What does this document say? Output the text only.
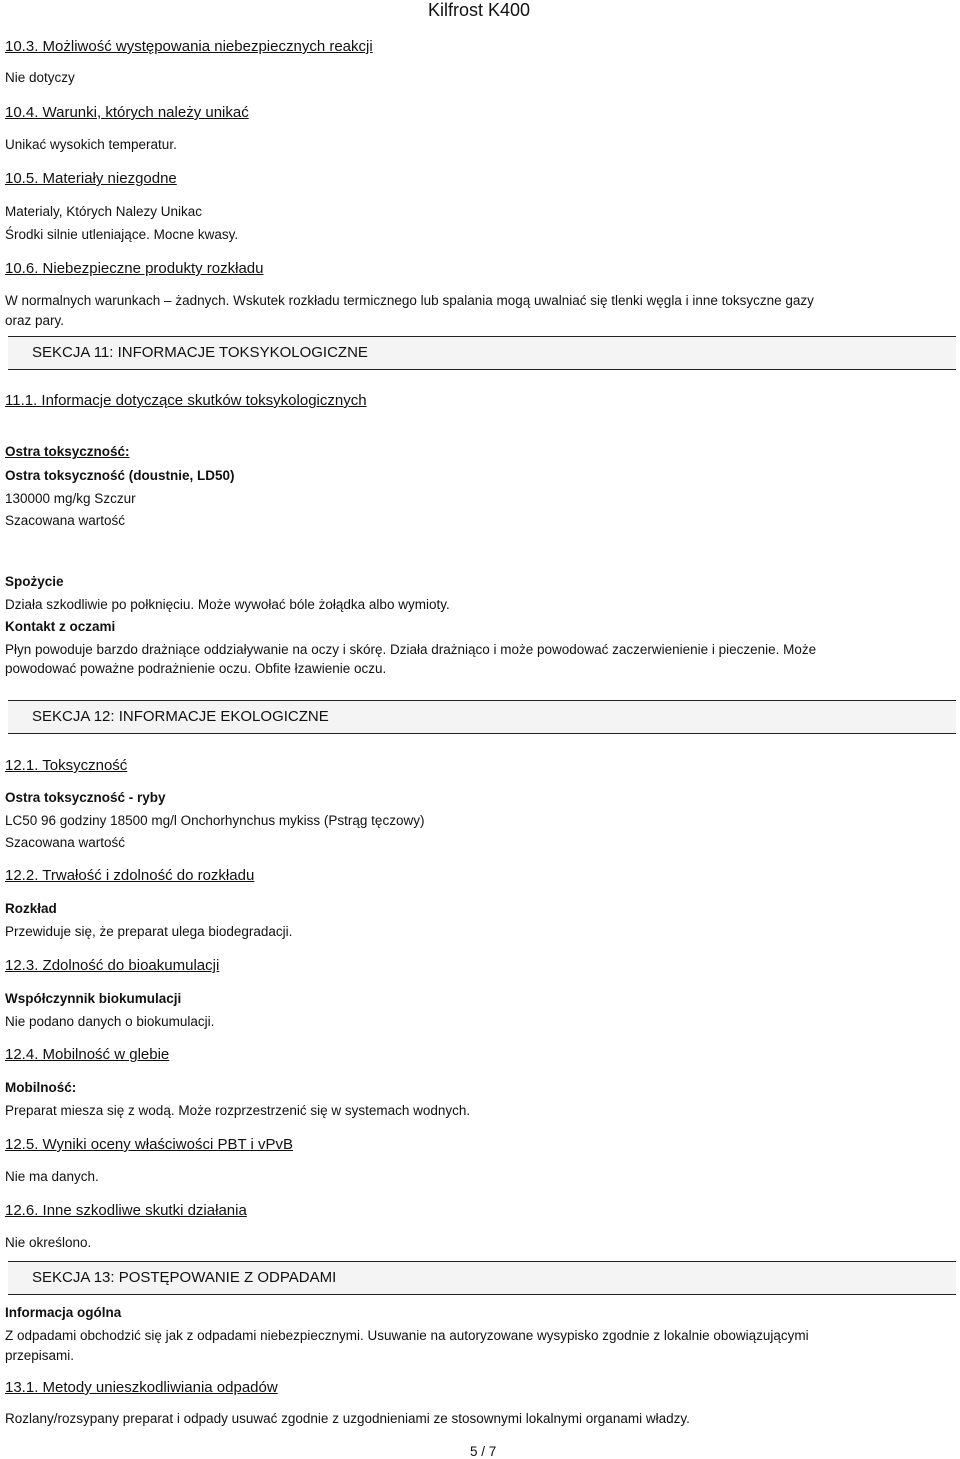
Kilfrost K400
10.3. Możliwość występowania niebezpiecznych reakcji
Nie dotyczy
10.4. Warunki, których należy unikać
Unikać wysokich temperatur.
10.5. Materiały niezgodne
Materialy, Których Nalezy Unikac
Środki silnie utleniające. Mocne kwasy.
10.6. Niebezpieczne produkty rozkładu
W normalnych warunkach – żadnych. Wskutek rozkładu termicznego lub spalania mogą uwalniać się tlenki węgla i inne toksyczne gazy
oraz pary.
SEKCJA 11: INFORMACJE TOKSYKOLOGICZNE
11.1. Informacje dotyczące skutków toksykologicznych
Ostra toksyczność:
Ostra toksyczność (doustnie, LD50)
130000 mg/kg Szczur
Szacowana wartość
Spożycie
Działa szkodliwie po połknięciu. Może wywołać bóle żołądka albo wymioty.
Kontakt z oczami
Płyn powoduje barzdo drażniące oddziaływanie na oczy i skórę. Działa drażniąco i może powodować zaczerwienienie i pieczenie. Może
powodować poważne podrażnienie oczu. Obfite łzawienie oczu.
SEKCJA 12: INFORMACJE EKOLOGICZNE
12.1. Toksyczność
Ostra toksyczność - ryby
LC50 96 godziny 18500 mg/l Onchorhynchus mykiss (Pstrąg tęczowy)
Szacowana wartość
12.2. Trwałość i zdolność do rozkładu
Rozkład
Przewiduje się, że preparat ulega biodegradacji.
12.3. Zdolność do bioakumulacji
Współczynnik biokumulacji
Nie podano danych o biokumulacji.
12.4. Mobilność w glebie
Mobilność:
Preparat miesza się z wodą. Może rozprzestrzenić się w systemach wodnych.
12.5. Wyniki oceny właściwości PBT i vPvB
Nie ma danych.
12.6. Inne szkodliwe skutki działania
Nie określono.
SEKCJA 13: POSTĘPOWANIE Z ODPADAMI
Informacja ogólna
Z odpadami obchodzić się jak z odpadami niebezpiecznymi. Usuwanie na autoryzowane wysypisko zgodnie z lokalnie obowiązującymi
przepisami.
13.1. Metody unieszkodliwiania odpadów
Rozlany/rozsypany preparat i odpady usuwać zgodnie z uzgodnieniami ze stosownymi lokalnymi organami władzy.
5 / 7
